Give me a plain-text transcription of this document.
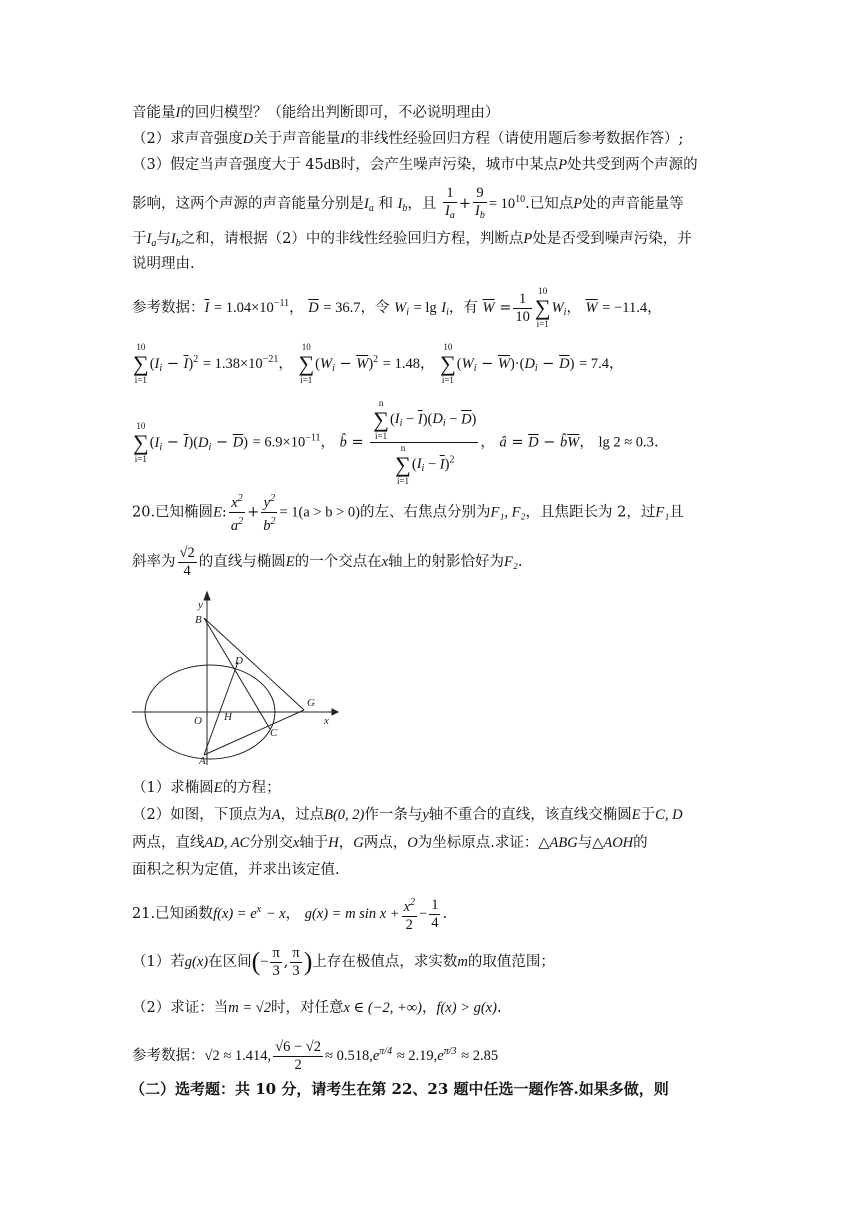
音能量I的回归模型？（能给出判断即可，不必说明理由）
（2）求声音强度D关于声音能量I的非线性经验回归方程（请使用题后参考数据作答）;
（3）假定当声音强度大于 45dB时，会产生噪声污染，城市中某点P处共受到两个声源的
影响，这两个声源的声音能量分别是$I_a$ 和 $I_b$，且 $\frac{1}{I_a} + \frac{9}{I_b} = 10^{10}$.已知点P处的声音能量等
于$I_a$与$I_b$之和，请根据（2）中的非线性经验回归方程，判断点P处是否受到噪声污染，并
说明理由.
参考数据：$\overline{I} = 1.04\times 10^{-11}$， $\overline{D} = 36.7$，令 $W_i = \lg I_i$，有 $\overline{W} = \frac{1}{10} 10$
∑
i=1
$W_i$， $\overline{W} = -11.4$，
10
∑
i=1
$(I_i - \overline{I})^2 = 1.38\times 10^{-21}$，
10
∑
i=1
$(W_i - \overline{W})^2 = 1.48$，
10
∑
i=1
$(W_i - \overline{W})\cdot(D_i - \overline{D}) = 7.4$，
10
∑
i=1
$(I_i - \overline{I})(D_i - \overline{D}) = 6.9\times 10^{-11}$， b̂ = n
∑
i=1
$(I_i - \overline{I})(D_i - \overline{D})$
n
∑
i=1
$(I_i - \overline{I})^2$ ， â = $\overline{D}$ − $b̂\overline{W}$， lg 2 ≈ 0.3.
20.已知椭圆E: $\frac{x^2}{a^2} + \frac{y^2}{b^2} = 1(a > b > 0)$的左、右焦点分别为F₁, F₂，且焦距长为 2，过F₁且
斜率为 $\frac{√2}{4}$ 的直线与椭圆E的一个交点在x轴上的射影恰好为F₂.
y
x
B
D
G
O H
C
A
（1）求椭圆E的方程；
（2）如图，下顶点为A，过点B(0, 2)作一条与y轴不重合的直线，该直线交椭圆E于C, D
两点，直线AD, AC分别交x轴于H，G两点，O为坐标原点.求证：△ABG与△AOH的
面积之积为定值，并求出该定值.
21.已知函数$f(x) = e^x - x$， g(x) = m $\sin x + \frac{x^2}{2} - \frac{1}{4}$ .
（1）若g(x)在区间(− $\frac{\pi}{3}$ , $\frac{\pi}{3}$ )上存在极值点，求实数m的取值范围；
（2）求证：当m = √2时，对任意x ∈ (−2, +∞)，f(x) > g(x).
参考数据：√2 ≈ 1.414, $\frac{√6 - √2}{2} \approx 0.518,e^{\pi/4} \approx 2.19,e^{\pi/3} \approx 2.85$
（二）选考题：共 10 分，请考生在第 22、23 题中任选一题作答.如果多做，则
